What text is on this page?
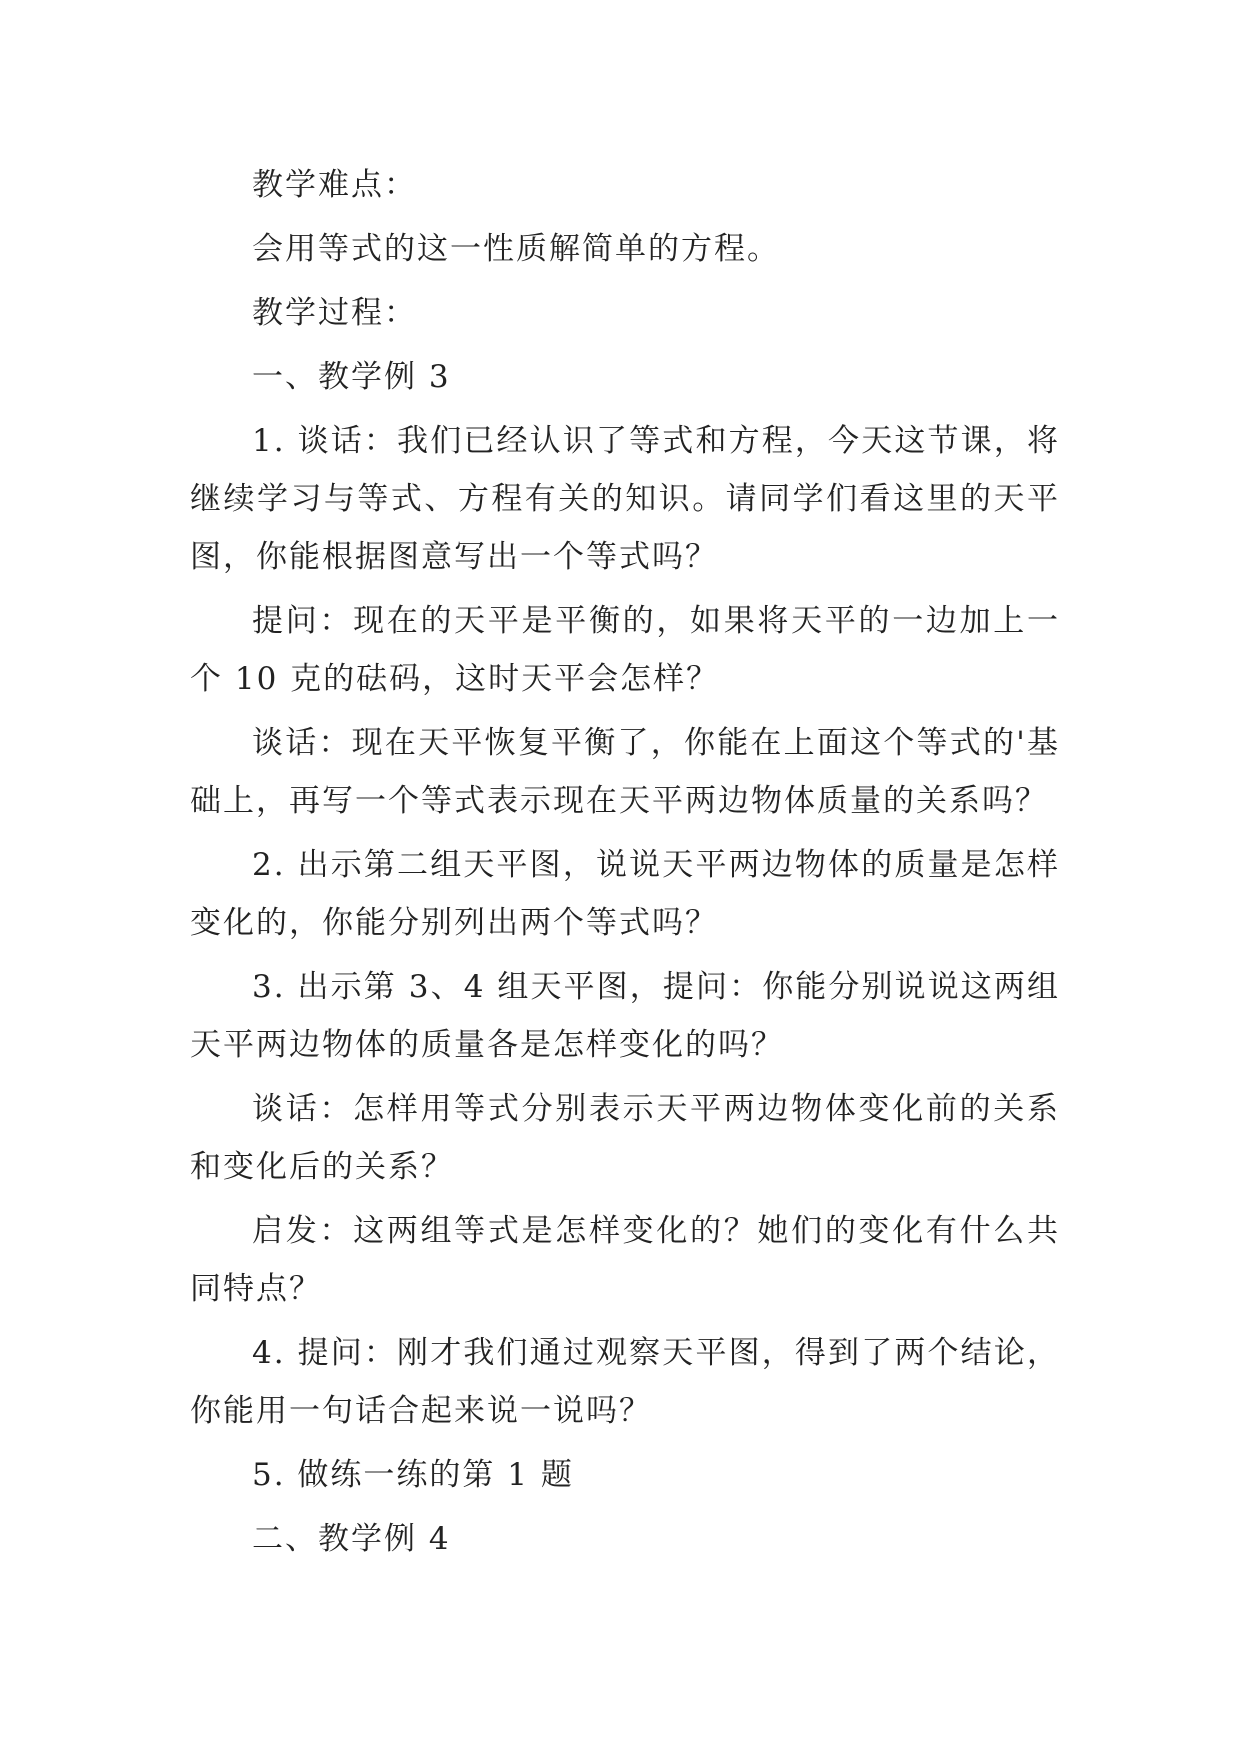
教学难点：

会用等式的这一性质解简单的方程。

教学过程：

一、教学例 3

1. 谈话：我们已经认识了等式和方程，今天这节课，将继续学习与等式、方程有关的知识。请同学们看这里的天平图，你能根据图意写出一个等式吗？

提问：现在的天平是平衡的，如果将天平的一边加上一个 10 克的砝码，这时天平会怎样？

谈话：现在天平恢复平衡了，你能在上面这个等式的'基础上，再写一个等式表示现在天平两边物体质量的关系吗？

2. 出示第二组天平图，说说天平两边物体的质量是怎样变化的，你能分别列出两个等式吗？

3. 出示第 3、4 组天平图，提问：你能分别说说这两组天平两边物体的质量各是怎样变化的吗？

谈话：怎样用等式分别表示天平两边物体变化前的关系和变化后的关系？

启发：这两组等式是怎样变化的？她们的变化有什么共同特点？

4. 提问：刚才我们通过观察天平图，得到了两个结论，你能用一句话合起来说一说吗？

5. 做练一练的第 1 题

二、教学例 4
